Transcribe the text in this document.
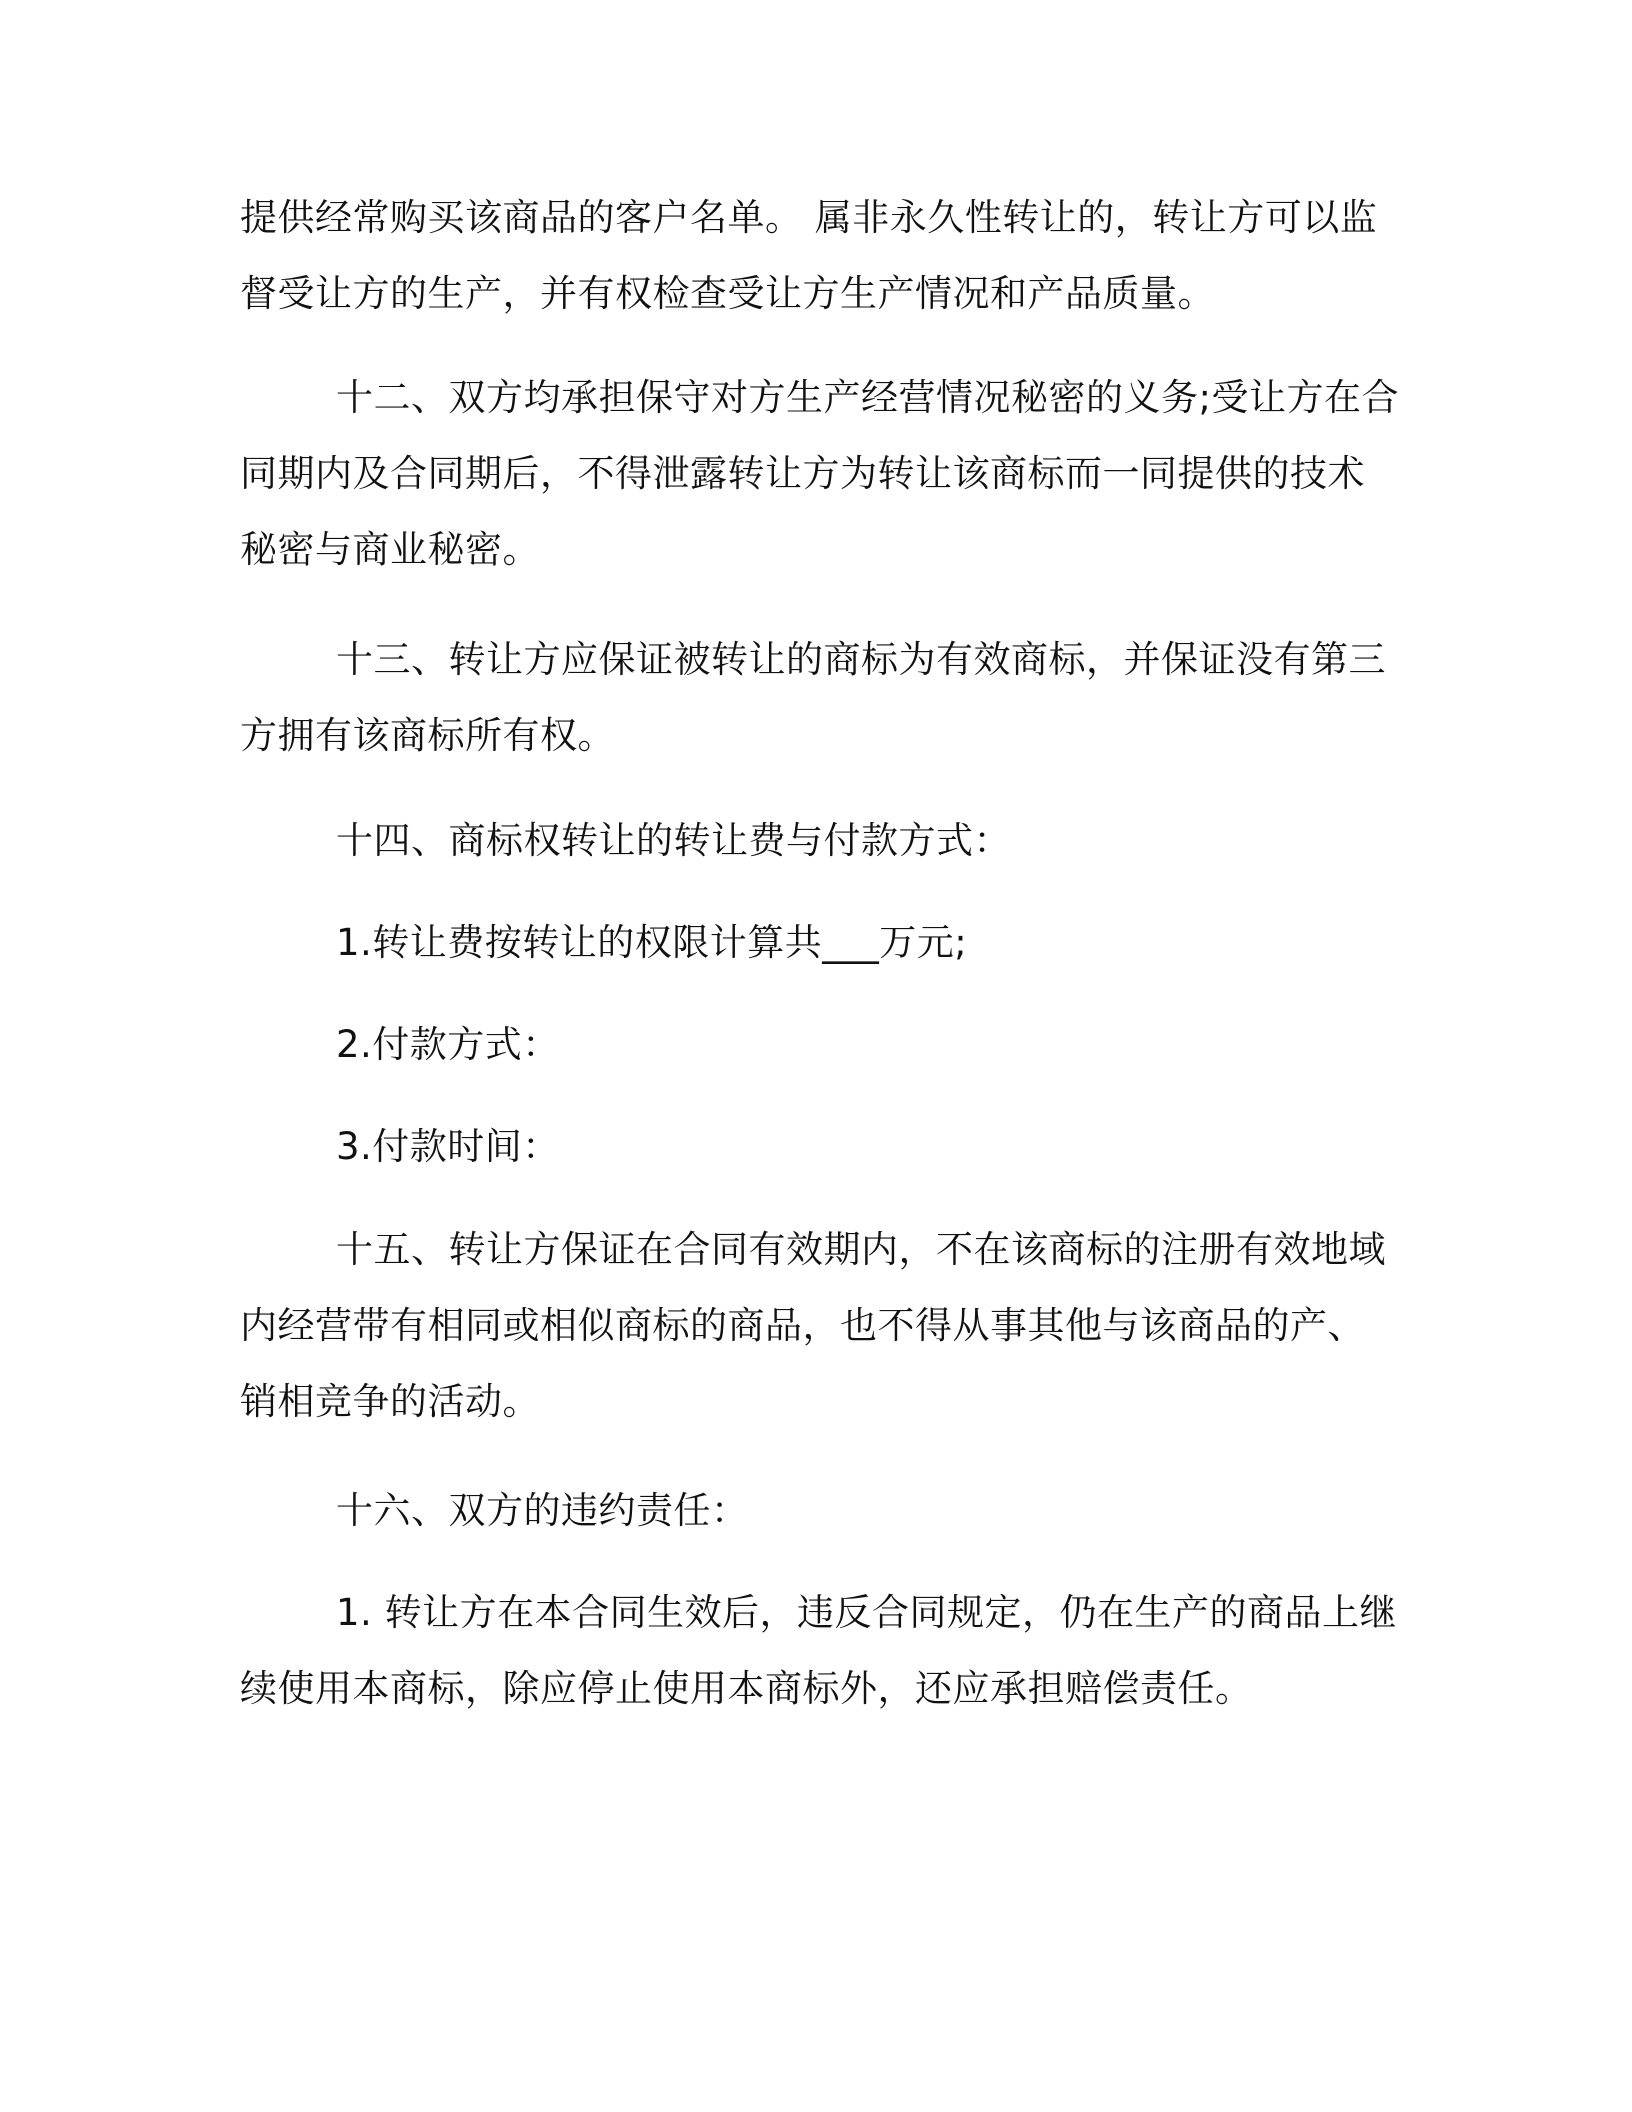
提供经常购买该商品的客户名单。 属非永久性转让的，转让方可以监督受让方的生产，并有权检查受让方生产情况和产品质量。

十二、双方均承担保守对方生产经营情况秘密的义务;受让方在合同期内及合同期后，不得泄露转让方为转让该商标而一同提供的技术秘密与商业秘密。

十三、转让方应保证被转让的商标为有效商标，并保证没有第三方拥有该商标所有权。

十四、商标权转让的转让费与付款方式：

1.转让费按转让的权限计算共___万元;

2.付款方式：

3.付款时间：

十五、转让方保证在合同有效期内，不在该商标的注册有效地域内经营带有相同或相似商标的商品，也不得从事其他与该商品的产、销相竞争的活动。

十六、双方的违约责任：

1. 转让方在本合同生效后，违反合同规定，仍在生产的商品上继续使用本商标，除应停止使用本商标外，还应承担赔偿责任。
